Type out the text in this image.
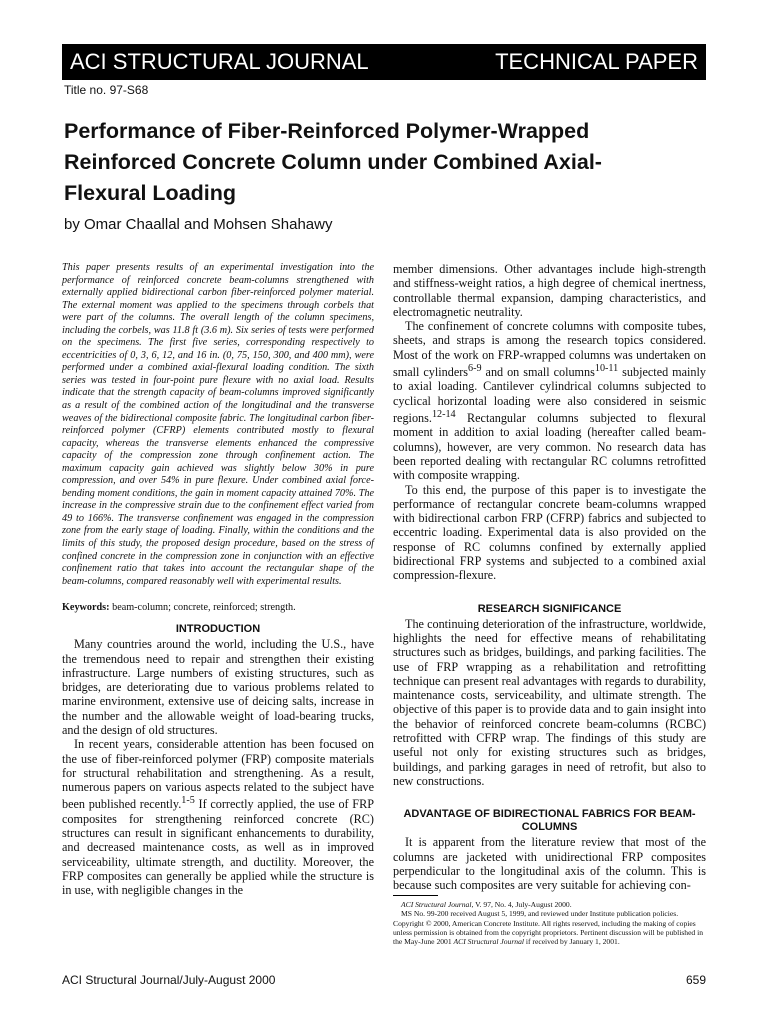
ACI STRUCTURAL JOURNAL	TECHNICAL PAPER
Title no. 97-S68
Performance of Fiber-Reinforced Polymer-Wrapped Reinforced Concrete Column under Combined Axial-Flexural Loading
by Omar Chaallal and Mohsen Shahawy

This paper presents results of an experimental investigation into the performance of reinforced concrete beam-columns strengthened with externally applied bidirectional carbon fiber-reinforced polymer material. The external moment was applied to the specimens through corbels that were part of the columns. The overall length of the column specimens, including the corbels, was 11.8 ft (3.6 m). Six series of tests were performed on the specimens. The first five series, corresponding respectively to eccentricities of 0, 3, 6, 12, and 16 in. (0, 75, 150, 300, and 400 mm), were performed under a combined axial-flexural loading condition. The sixth series was tested in four-point pure flexure with no axial load. Results indicate that the strength capacity of beam-columns improved significantly as a result of the combined action of the longitudinal and the transverse weaves of the bidirectional composite fabric. The longitudinal carbon fiber-reinforced polymer (CFRP) elements contributed mostly to flexural capacity, whereas the transverse elements enhanced the compressive capacity of the compression zone through confinement action. The maximum capacity gain achieved was slightly below 30% in pure compression, and over 54% in pure flexure. Under combined axial force-bending moment conditions, the gain in moment capacity attained 70%. The increase in the compressive strain due to the confinement effect varied from 49 to 166%. The transverse confinement was engaged in the compression zone from the early stage of loading. Finally, within the conditions and the limits of this study, the proposed design procedure, based on the stress of confined concrete in the compression zone in conjunction with an effective confinement ratio that takes into account the rectangular shape of the beam-columns, compared reasonably well with experimental results.

Keywords: beam-column; concrete, reinforced; strength.
INTRODUCTION

Many countries around the world, including the U.S., have the tremendous need to repair and strengthen their existing infrastructure. Large numbers of existing structures, such as bridges, are deteriorating due to various problems related to marine environment, extensive use of deicing salts, increase in the number and the allowable weight of load-bearing trucks, and the design of old structures.

In recent years, considerable attention has been focused on the use of fiber-reinforced polymer (FRP) composite materials for structural rehabilitation and strengthening. As a result, numerous papers on various aspects related to the subject have been published recently.$^{1-5}$ If correctly applied, the use of FRP composites for strengthening reinforced concrete (RC) structures can result in significant enhancements to durability, and decreased maintenance costs, as well as in improved serviceability, ultimate strength, and ductility. Moreover, the FRP composites can generally be applied while the structure is in use, with negligible changes in the

member dimensions. Other advantages include high-strength and stiffness-weight ratios, a high degree of chemical inertness, controllable thermal expansion, damping characteristics, and electromagnetic neutrality.

The confinement of concrete columns with composite tubes, sheets, and straps is among the research topics considered. Most of the work on FRP-wrapped columns was undertaken on small cylinders$^{6-9}$ and on small columns$^{10-11}$ subjected mainly to axial loading. Cantilever cylindrical columns subjected to cyclical horizontal loading were also considered in seismic regions.$^{12-14}$ Rectangular columns subjected to flexural moment in addition to axial loading (hereafter called beam-columns), however, are very common. No research data has been reported dealing with rectangular RC columns retrofitted with composite wrapping.

To this end, the purpose of this paper is to investigate the performance of rectangular concrete beam-columns wrapped with bidirectional carbon FRP (CFRP) fabrics and subjected to eccentric loading. Experimental data is also provided on the response of RC columns confined by externally applied bidirectional FRP systems and subjected to a combined axial compression-flexure.

RESEARCH SIGNIFICANCE

The continuing deterioration of the infrastructure, worldwide, highlights the need for effective means of rehabilitating structures such as bridges, buildings, and parking facilities. The use of FRP wrapping as a rehabilitation and retrofitting technique can present real advantages with regards to durability, maintenance costs, serviceability, and ultimate strength. The objective of this paper is to provide data and to gain insight into the behavior of reinforced concrete beam-columns (RCBC) retrofitted with CFRP wrap. The findings of this study are useful not only for existing structures such as bridges, buildings, and parking garages in need of retrofit, but also to new constructions.

ADVANTAGE OF BIDIRECTIONAL FABRICS FOR BEAM-COLUMNS

It is apparent from the literature review that most of the columns are jacketed with unidirectional FRP composites perpendicular to the longitudinal axis of the column. This is because such composites are very suitable for achieving con-

ACI Structural Journal, V. 97, No. 4, July-August 2000.

MS No. 99-200 received August 5, 1999, and reviewed under Institute publication policies. Copyright © 2000, American Concrete Institute. All rights reserved, including the making of copies unless permission is obtained from the copyright proprietors. Pertinent discussion will be published in the May-June 2001 ACI Structural Journal if received by January 1, 2001.

ACI Structural Journal/July-August 2000	659
